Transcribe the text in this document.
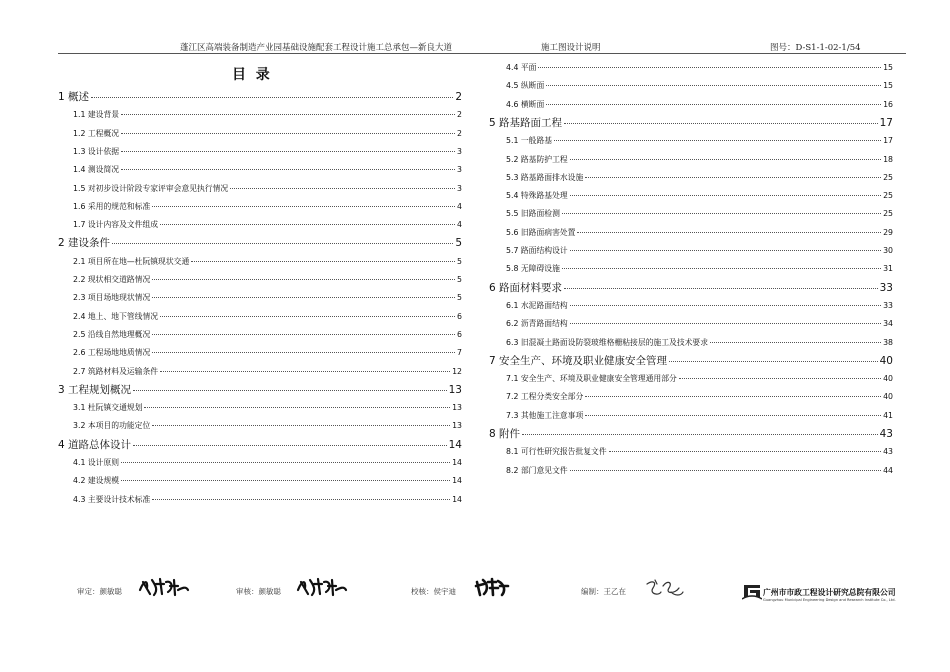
蓬江区高端装备制造产业园基础设施配套工程设计施工总承包—新良大道	施工图设计说明	图号：D-S1-1-02-1/54
目  录
1 概述	2
1.1 建设背景	2
1.2 工程概况	2
1.3 设计依据	3
1.4 测设简况	3
1.5 对初步设计阶段专家评审会意见执行情况	3
1.6 采用的规范和标准	4
1.7 设计内容及文件组成	4
2 建设条件	5
2.1 项目所在地—杜阮镇现状交通	5
2.2 现状相交道路情况	5
2.3 项目场地现状情况	5
2.4 地上、地下管线情况	6
2.5 沿线自然地理概况	6
2.6 工程场地地质情况	7
2.7 筑路材料及运输条件	12
3 工程规划概况	13
3.1 杜阮镇交通规划	13
3.2 本项目的功能定位	13
4 道路总体设计	14
4.1 设计原则	14
4.2 建设规模	14
4.3 主要设计技术标准	14
4.4 平面	15
4.5 纵断面	15
4.6 横断面	16
5 路基路面工程	17
5.1 一般路基	17
5.2 路基防护工程	18
5.3 路基路面排水设施	25
5.4 特殊路基处理	25
5.5 旧路面检测	25
5.6 旧路面病害处置	29
5.7 路面结构设计	30
5.8 无障碍设施	31
6 路面材料要求	33
6.1 水泥路面结构	33
6.2 沥青路面结构	34
6.3 旧混凝土路面设防裂玻维格栅粘接层的施工及技术要求	38
7 安全生产、环境及职业健康安全管理	40
7.1 安全生产、环境及职业健康安全管理通用部分	40
7.2 工程分类安全部分	40
7.3 其他施工注意事项	41
8 附件	43
8.1 可行性研究报告批复文件	43
8.2 部门意见文件	44
审定：颜敏聪	审核：颜敏聪	校核：侯宇迪	编制：王乙在	广州市市政工程设计研究总院有限公司
Guangzhou Municipal Engineering Design and Research Institute Co., Ltd.
